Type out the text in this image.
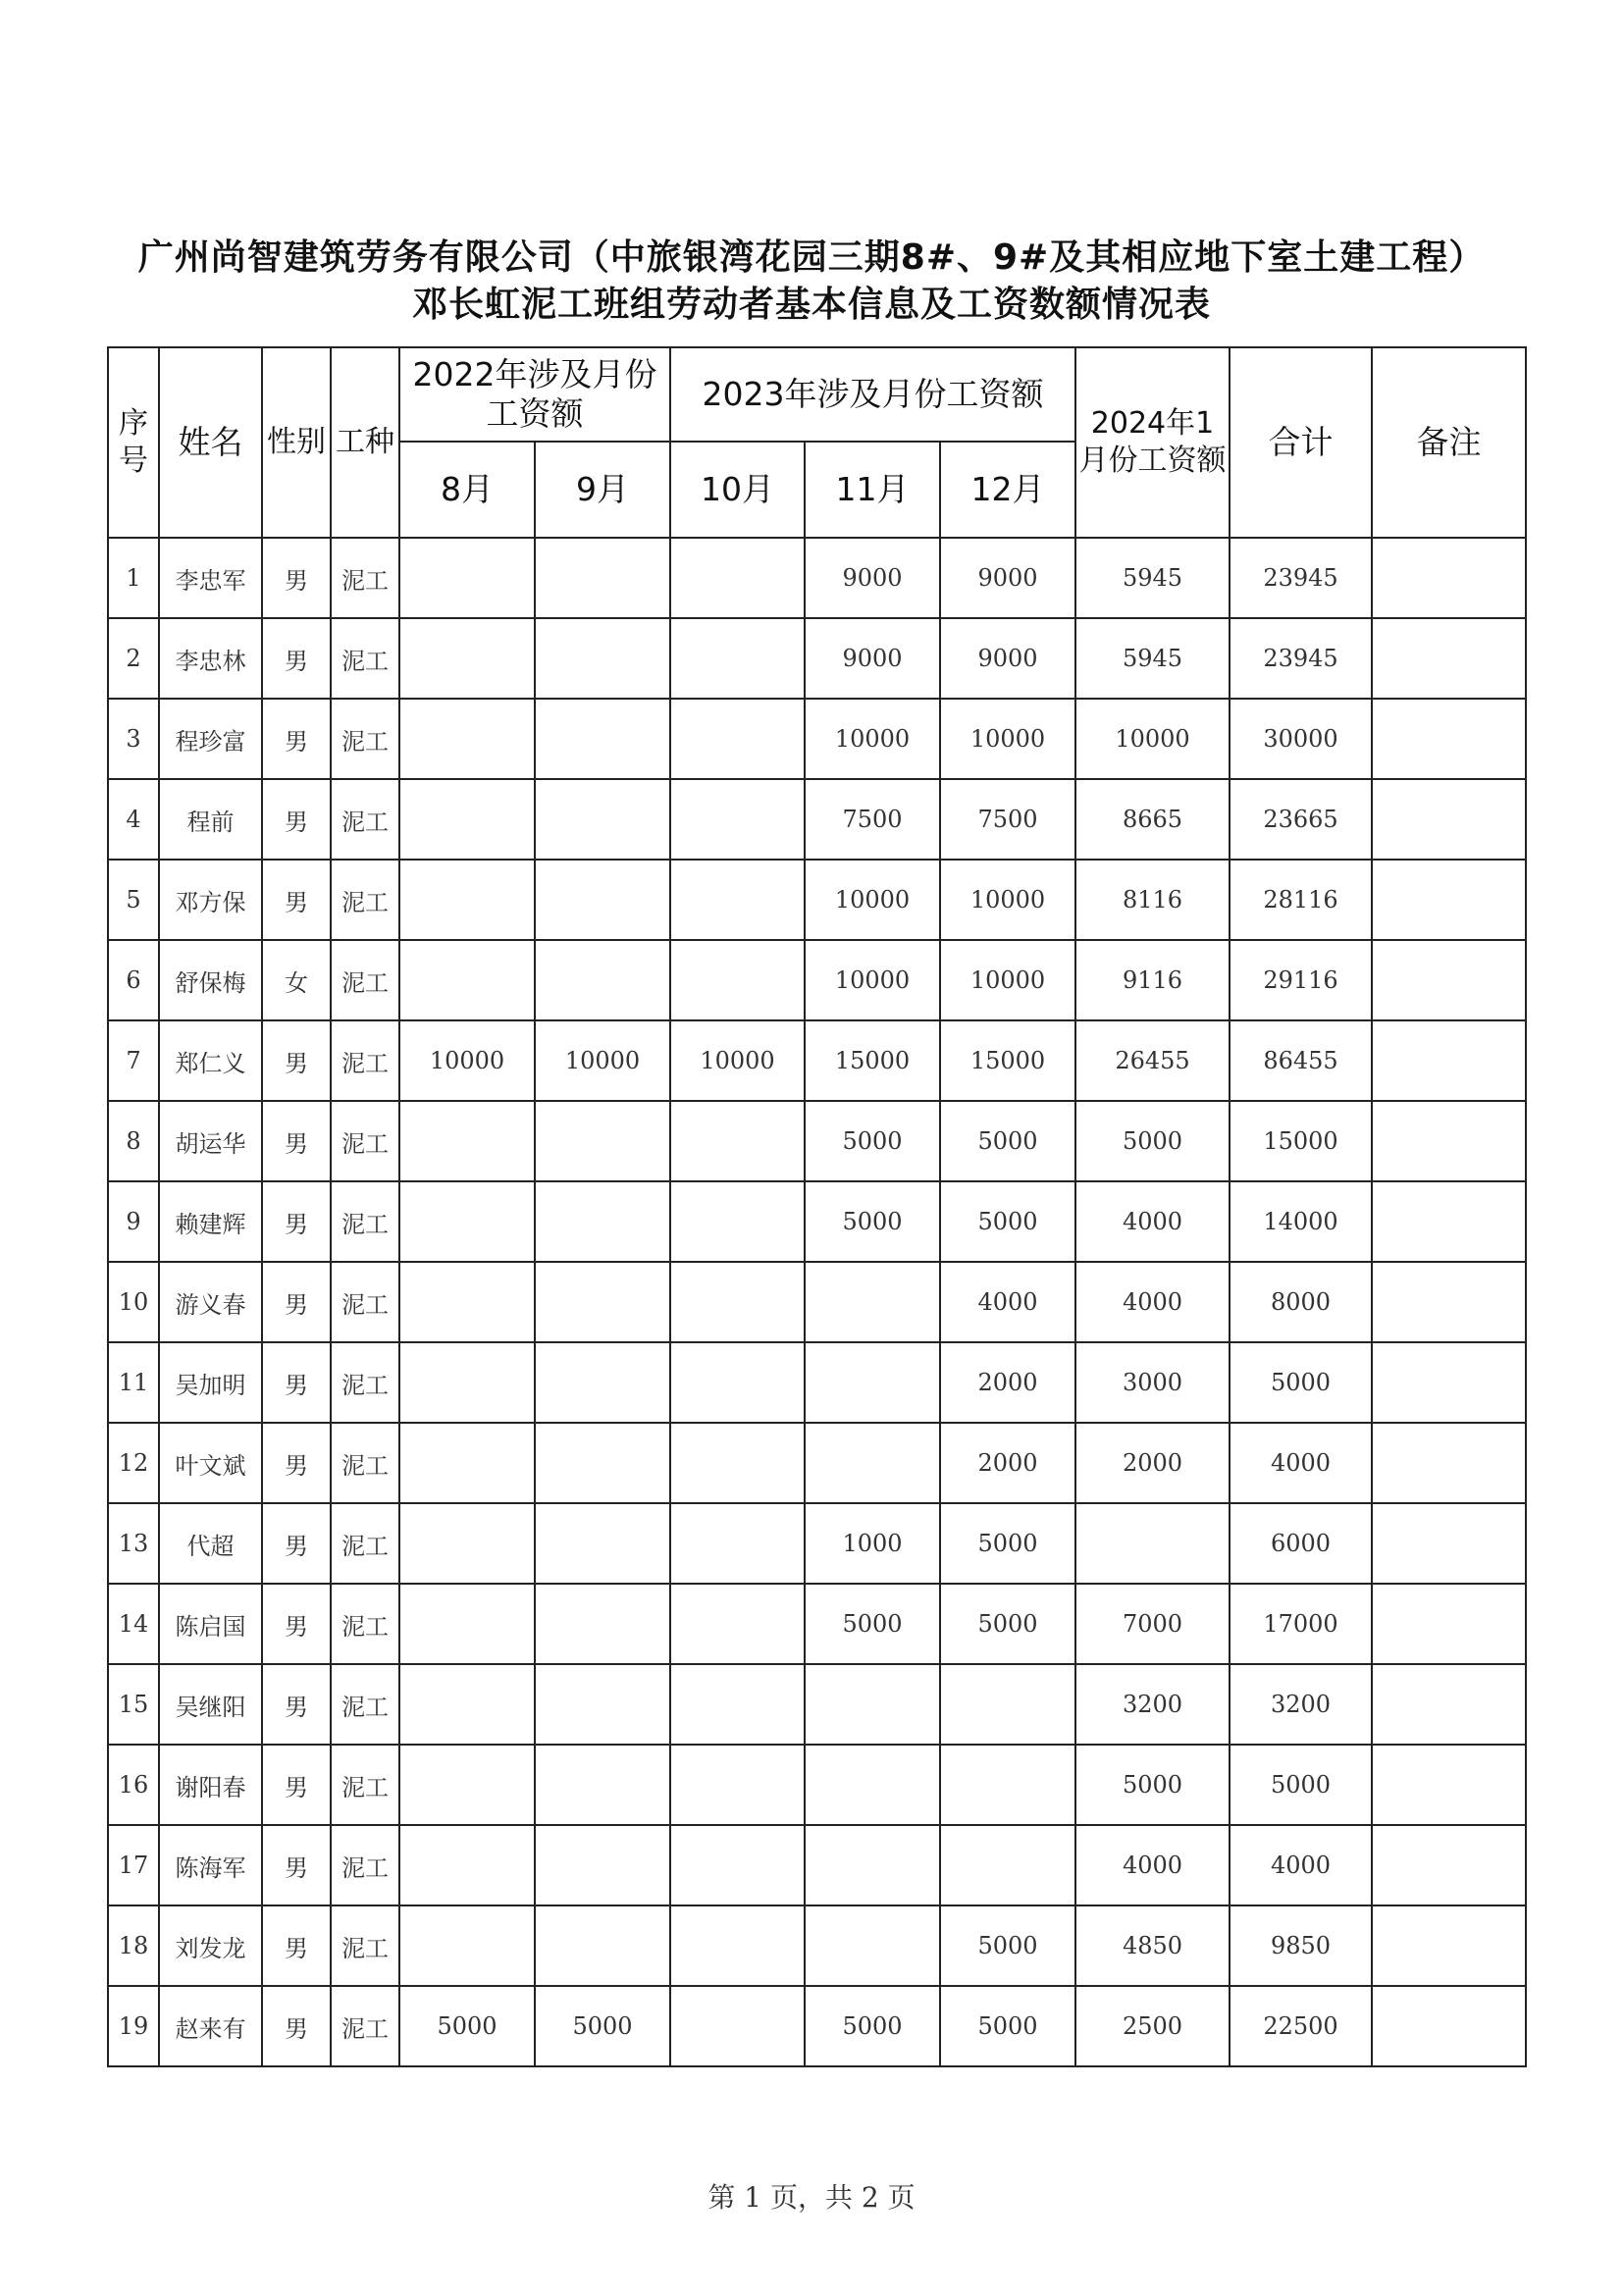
广州尚智建筑劳务有限公司（中旅银湾花园三期8#、9#及其相应地下室土建工程）
邓长虹泥工班组劳动者基本信息及工资数额情况表
序号	姓名	性别	工种	2022年涉及月份工资额		2023年涉及月份工资额			2024年1月份工资额	合计	备注
				8月	9月	10月	11月	12月			
1	李忠军	男	泥工				9000	9000	5945	23945	
2	李忠林	男	泥工				9000	9000	5945	23945	
3	程珍富	男	泥工				10000	10000	10000	30000	
4	程前	男	泥工				7500	7500	8665	23665	
5	邓方保	男	泥工				10000	10000	8116	28116	
6	舒保梅	女	泥工				10000	10000	9116	29116	
7	郑仁义	男	泥工	10000	10000	10000	15000	15000	26455	86455	
8	胡运华	男	泥工				5000	5000	5000	15000	
9	赖建辉	男	泥工				5000	5000	4000	14000	
10	游义春	男	泥工					4000	4000	8000	
11	吴加明	男	泥工					2000	3000	5000	
12	叶文斌	男	泥工					2000	2000	4000	
13	代超	男	泥工				1000	5000		6000	
14	陈启国	男	泥工				5000	5000	7000	17000	
15	吴继阳	男	泥工						3200	3200	
16	谢阳春	男	泥工						5000	5000	
17	陈海军	男	泥工						4000	4000	
18	刘发龙	男	泥工					5000	4850	9850	
19	赵来有	男	泥工	5000	5000		5000	5000	2500	22500	
第 1 页，共 2 页
